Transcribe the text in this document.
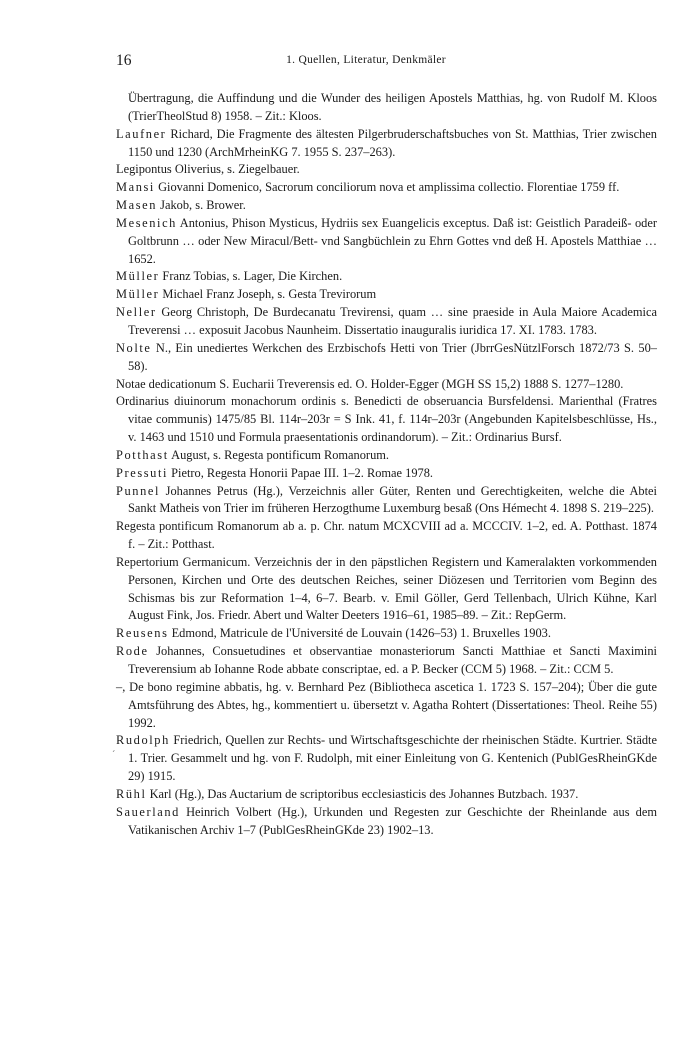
16	1. Quellen, Literatur, Denkmäler
´

Übertragung, die Auffindung und die Wunder des heiligen Apostels Matthias, hg. von Rudolf M. Kloos (TrierTheolStud 8) 1958. – Zit.: Kloos.

Laufner Richard, Die Fragmente des ältesten Pilgerbruderschaftsbuches von St. Matthias, Trier zwischen 1150 und 1230 (ArchMrheinKG 7. 1955 S. 237–263).

Legipontus Oliverius, s. Ziegelbauer.

Mansi Giovanni Domenico, Sacrorum conciliorum nova et amplissima collectio. Florentiae 1759 ff.

Masen Jakob, s. Brower.

Mesenich Antonius, Phison Mysticus, Hydriis sex Euangelicis exceptus. Daß ist: Geistlich Paradeiß- oder Goltbrunn … oder New Miracul/Bett- vnd Sangbüchlein zu Ehrn Gottes vnd deß H. Apostels Matthiae … 1652.

Müller Franz Tobias, s. Lager, Die Kirchen.

Müller Michael Franz Joseph, s. Gesta Trevirorum

Neller Georg Christoph, De Burdecanatu Trevirensi, quam … sine praeside in Aula Maiore Academica Treverensi … exposuit Jacobus Naunheim. Dissertatio inauguralis iuridica 17. XI. 1783. 1783.

Nolte N., Ein unediertes Werkchen des Erzbischofs Hetti von Trier (JbrrGesNützlForsch 1872/73 S. 50–58).

Notae dedicationum S. Eucharii Treverensis ed. O. Holder-Egger (MGH SS 15,2) 1888 S. 1277–1280.

Ordinarius diuinorum monachorum ordinis s. Benedicti de obseruancia Bursfeldensi. Marienthal (Fratres vitae communis) 1475/85 Bl. 114r–203r = S Ink. 41, f. 114r–203r (Angebunden Kapitelsbeschlüsse, Hs., v. 1463 und 1510 und Formula praesentationis ordinandorum). – Zit.: Ordinarius Bursf.

Potthast August, s. Regesta pontificum Romanorum.

Pressuti Pietro, Regesta Honorii Papae III. 1–2. Romae 1978.

Punnel Johannes Petrus (Hg.), Verzeichnis aller Güter, Renten und Gerechtigkeiten, welche die Abtei Sankt Matheis von Trier im früheren Herzogthume Luxemburg besaß (Ons Hémecht 4. 1898 S. 219–225).

Regesta pontificum Romanorum ab a. p. Chr. natum MCXCVIII ad a. MCCCIV. 1–2, ed. A. Potthast. 1874 f. – Zit.: Potthast.

Repertorium Germanicum. Verzeichnis der in den päpstlichen Registern und Kameralakten vorkommenden Personen, Kirchen und Orte des deutschen Reiches, seiner Diözesen und Territorien vom Beginn des Schismas bis zur Reformation 1–4, 6–7. Bearb. v. Emil Göller, Gerd Tellenbach, Ulrich Kühne, Karl August Fink, Jos. Friedr. Abert und Walter Deeters 1916–61, 1985–89. – Zit.: RepGerm.

Reusens Edmond, Matricule de l'Université de Louvain (1426–53) 1. Bruxelles 1903.

Rode Johannes, Consuetudines et observantiae monasteriorum Sancti Matthiae et Sancti Maximini Treverensium ab Iohanne Rode abbate conscriptae, ed. a P. Becker (CCM 5) 1968. – Zit.: CCM 5.

–, De bono regimine abbatis, hg. v. Bernhard Pez (Bibliotheca ascetica 1. 1723 S. 157–204); Über die gute Amtsführung des Abtes, hg., kommentiert u. übersetzt v. Agatha Rohtert (Dissertationes: Theol. Reihe 55) 1992.

Rudolph Friedrich, Quellen zur Rechts- und Wirtschaftsgeschichte der rheinischen Städte. Kurtrier. Städte 1. Trier. Gesammelt und hg. von F. Rudolph, mit einer Einleitung von G. Kentenich (PublGesRheinGKde 29) 1915.

Rühl Karl (Hg.), Das Auctarium de scriptoribus ecclesiasticis des Johannes Butzbach. 1937.

Sauerland Heinrich Volbert (Hg.), Urkunden und Regesten zur Geschichte der Rheinlande aus dem Vatikanischen Archiv 1–7 (PublGesRheinGKde 23) 1902–13.
